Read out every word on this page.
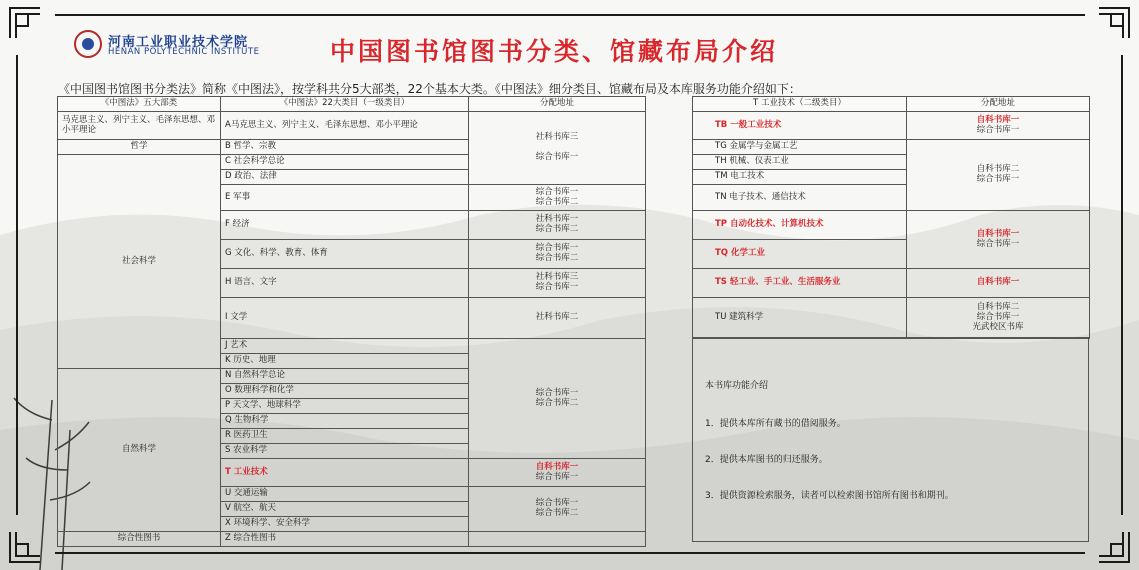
河南工业职业技术学院
HENAN POLYTECHNIC INSTITUTE	中国图书馆图书分类、馆藏布局介绍
《中国图书馆图书分类法》简称《中图法》，按学科共分5大部类，22个基本大类。《中图法》细分类目、馆藏布局及本库服务功能介绍如下：
《中图法》五大部类	《中图法》22大类目（一级类目）	分配地址
马克思主义、列宁主义、毛泽东思想、邓小平理论	A马克思主义、列宁主义、毛泽东思想、邓小平理论	社科书库三

综合书库一
哲学	B 哲学、宗教	
社会科学	C 社会科学总论	
	D 政治、法律	
	E 军事	综合书库一
综合书库二
	F 经济	社科书库一
综合书库二
	G 文化、科学、教育、体育	综合书库一
综合书库二
	H 语言、文字	社科书库三
综合书库一
	I 文学	社科书库二
	J 艺术	综合书库一
综合书库二
	K 历史、地理	
自然科学	N 自然科学总论	
	O 数理科学和化学	
	P 天文学、地球科学	
	Q 生物科学	
	R 医药卫生	
	S 农业科学	
	T 工业技术	自科书库一
综合书库一
	U 交通运输	综合书库一
综合书库二
	V 航空、航天	
	X 环境科学、安全科学	
综合性图书	Z 综合性图书	
T 工业技术（二级类目）	分配地址
TB 一般工业技术	自科书库一
综合书库一
TG 金属学与金属工艺	自科书库二
综合书库一
TH 机械、仪表工业	
TM 电工技术	
TN 电子技术、通信技术	
TP 自动化技术、计算机技术	自科书库一
综合书库一
TQ 化学工业	
TS 轻工业、手工业、生活服务业	自科书库一
TU 建筑科学	自科书库二
综合书库一
光武校区书库
本书库功能介绍
1．提供本库所有藏书的借阅服务。
2．提供本库图书的归还服务。
3．提供资源检索服务，读者可以检索图书馆所有图书和期刊。
